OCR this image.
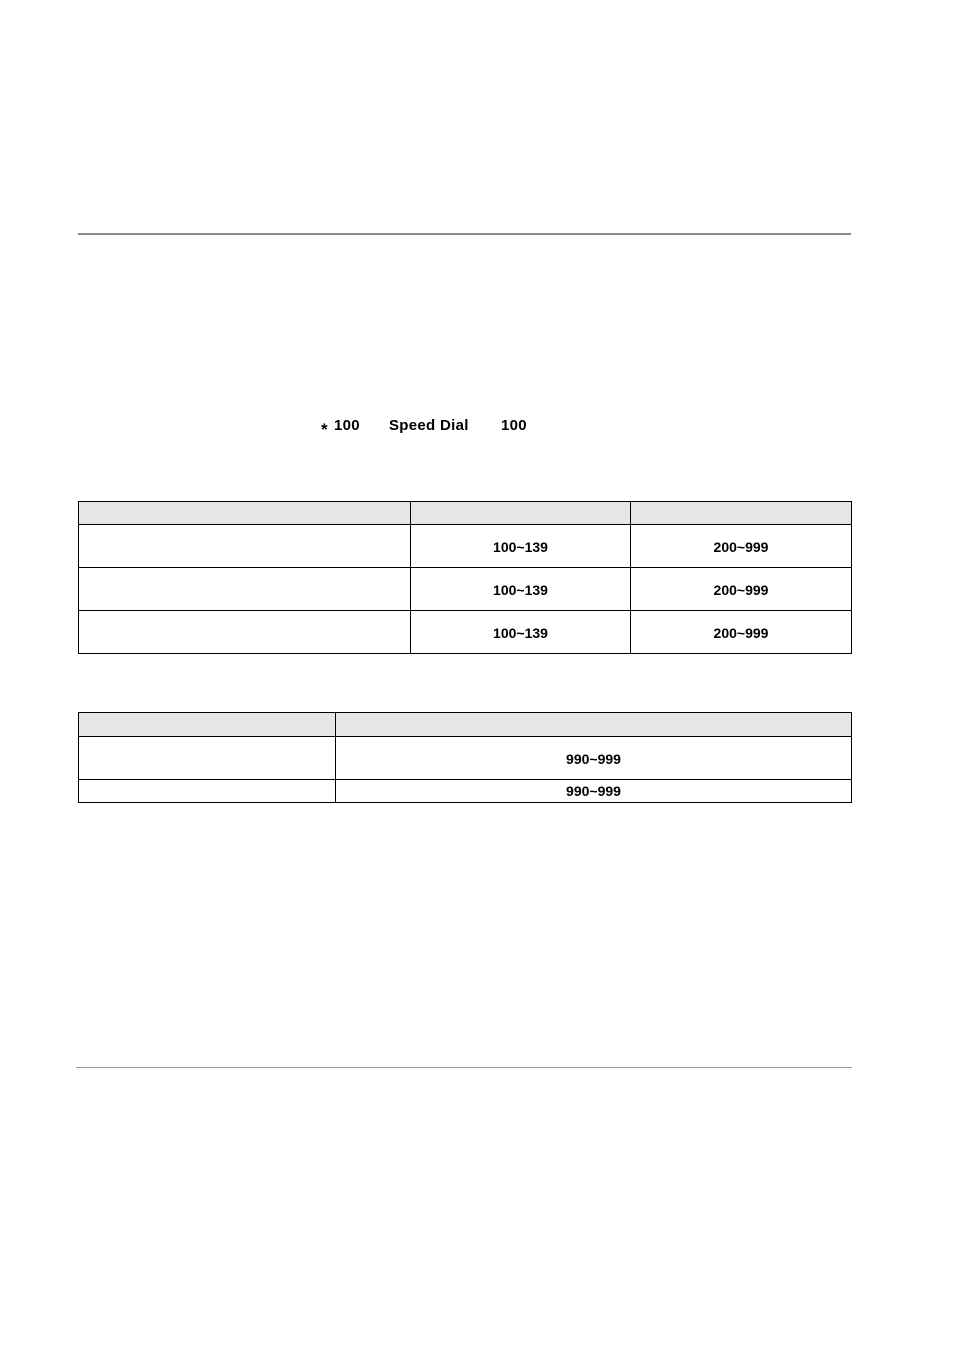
* 100 Speed Dial 100

	100~139	200~999
	100~139	200~999
	100~139	200~999

	990~999
	990~999
